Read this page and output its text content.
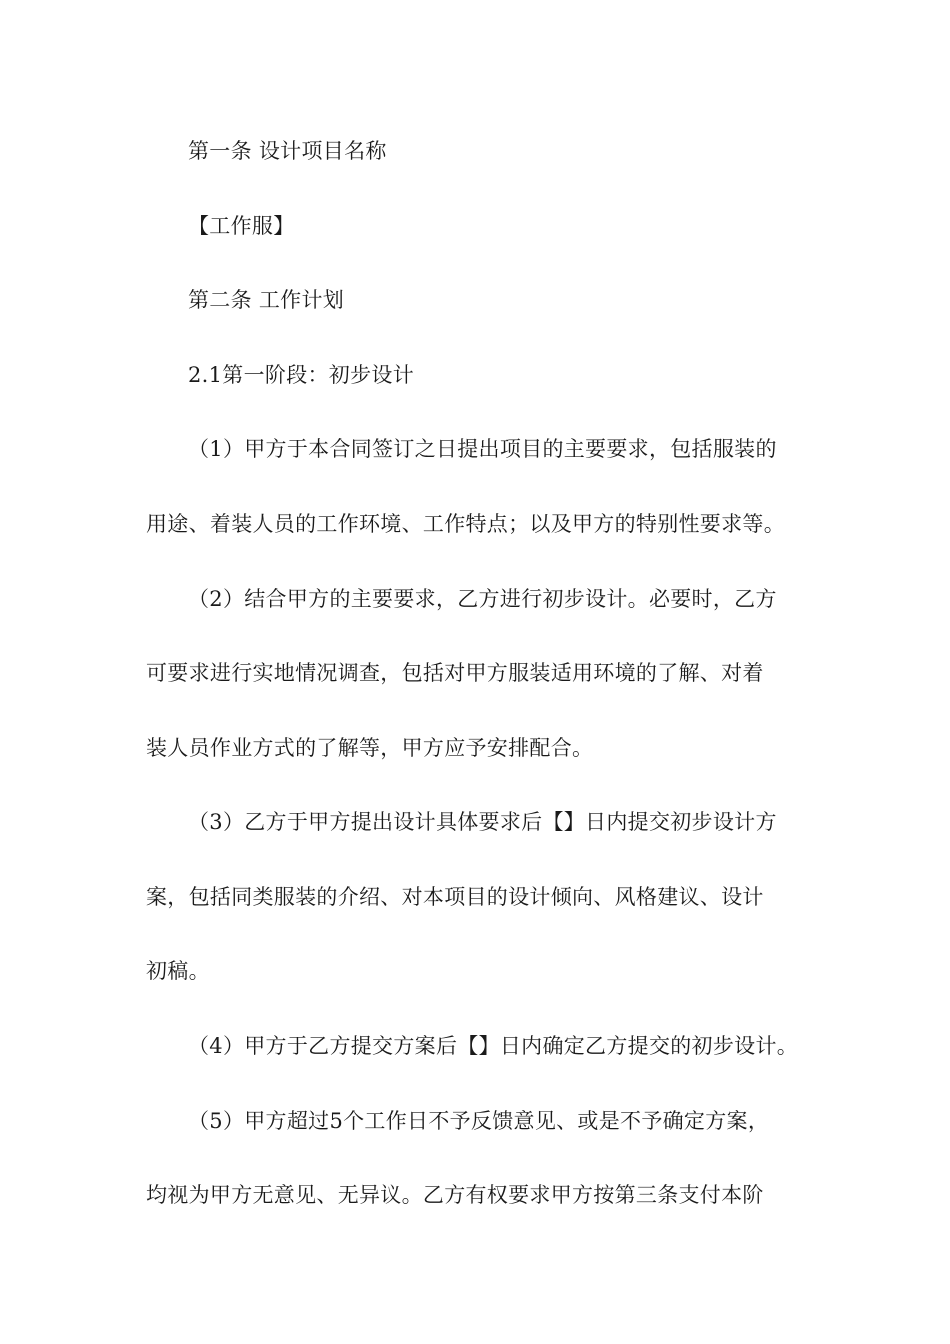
第一条 设计项目名称
【工作服】
第二条 工作计划
2.1第一阶段：初步设计
（1）甲方于本合同签订之日提出项目的主要要求，包括服装的
用途、着装人员的工作环境、工作特点；以及甲方的特别性要求等。
（2）结合甲方的主要要求，乙方进行初步设计。必要时，乙方
可要求进行实地情况调查，包括对甲方服装适用环境的了解、对着
装人员作业方式的了解等，甲方应予安排配合。
（3）乙方于甲方提出设计具体要求后【】日内提交初步设计方
案，包括同类服装的介绍、对本项目的设计倾向、风格建议、设计
初稿。
（4）甲方于乙方提交方案后【】日内确定乙方提交的初步设计。
（5）甲方超过5个工作日不予反馈意见、或是不予确定方案，
均视为甲方无意见、无异议。乙方有权要求甲方按第三条支付本阶
